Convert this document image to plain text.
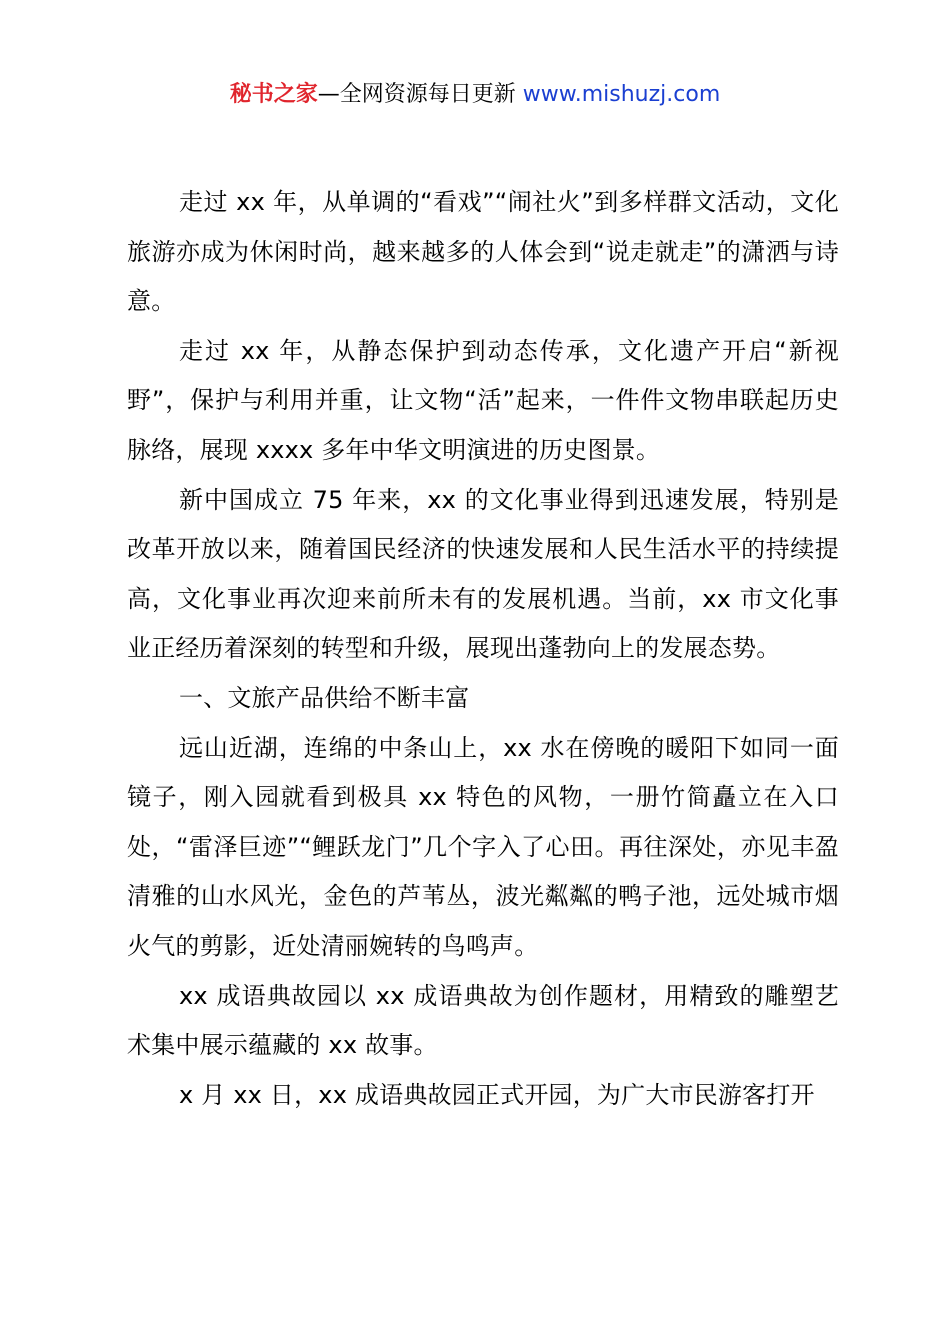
秘书之家—全网资源每日更新 www.mishuzj.com

走过 xx 年，从单调的“看戏”“闹社火”到多样群文活动，文化旅游亦成为休闲时尚，越来越多的人体会到“说走就走”的潇洒与诗意。

走过 xx 年，从静态保护到动态传承，文化遗产开启“新视野”，保护与利用并重，让文物“活”起来，一件件文物串联起历史脉络，展现 xxxx 多年中华文明演进的历史图景。

新中国成立 75 年来，xx 的文化事业得到迅速发展，特别是改革开放以来，随着国民经济的快速发展和人民生活水平的持续提高，文化事业再次迎来前所未有的发展机遇。当前，xx 市文化事业正经历着深刻的转型和升级，展现出蓬勃向上的发展态势。

一、文旅产品供给不断丰富

远山近湖，连绵的中条山上，xx 水在傍晚的暖阳下如同一面镜子，刚入园就看到极具 xx 特色的风物，一册竹简矗立在入口处，“雷泽巨迹”“鲤跃龙门”几个字入了心田。再往深处，亦见丰盈清雅的山水风光，金色的芦苇丛，波光粼粼的鸭子池，远处城市烟火气的剪影，近处清丽婉转的鸟鸣声。

xx 成语典故园以 xx 成语典故为创作题材，用精致的雕塑艺术集中展示蕴藏的 xx 故事。

x 月 xx 日，xx 成语典故园正式开园，为广大市民游客打开
